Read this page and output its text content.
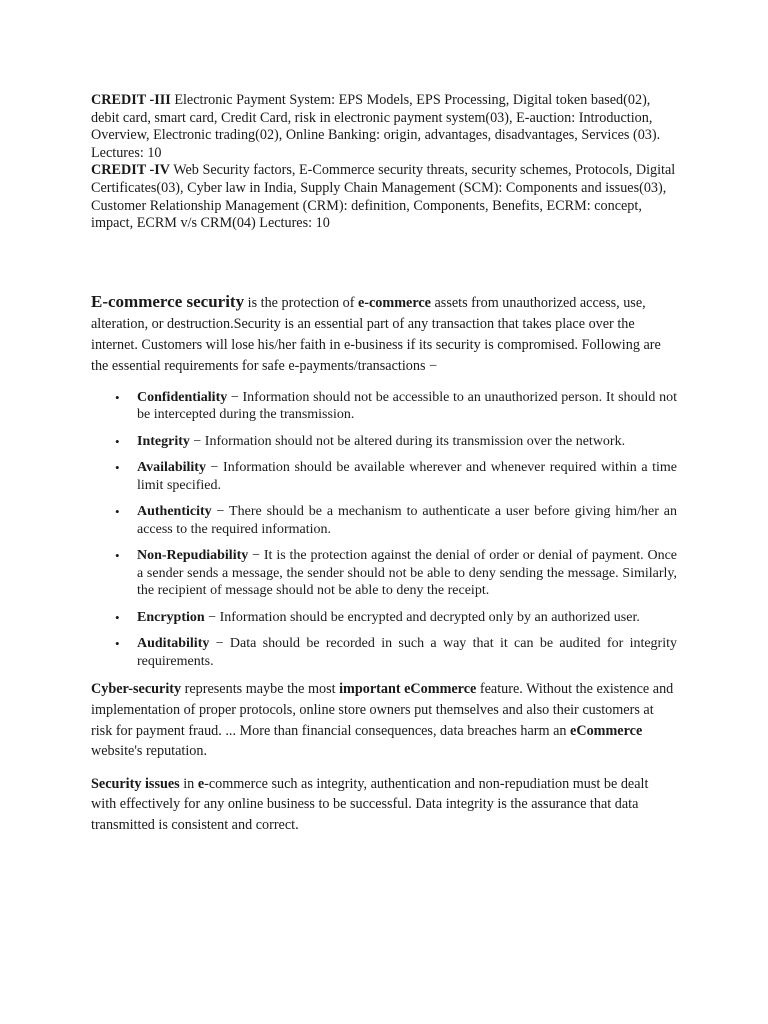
CREDIT -III Electronic Payment System: EPS Models, EPS Processing, Digital token based(02), debit card, smart card, Credit Card, risk in electronic payment system(03), E-auction: Introduction, Overview, Electronic trading(02), Online Banking: origin, advantages, disadvantages, Services (03). Lectures: 10

CREDIT -IV Web Security factors, E-Commerce security threats, security schemes, Protocols, Digital Certificates(03), Cyber law in India, Supply Chain Management (SCM): Components and issues(03), Customer Relationship Management (CRM): definition, Components, Benefits, ECRM: concept, impact, ECRM v/s CRM(04) Lectures: 10

E-commerce security is the protection of e-commerce assets from unauthorized access, use, alteration, or destruction.Security is an essential part of any transaction that takes place over the internet. Customers will lose his/her faith in e-business if its security is compromised. Following are the essential requirements for safe e-payments/transactions −
• Confidentiality − Information should not be accessible to an unauthorized person. It should not be intercepted during the transmission.
• Integrity − Information should not be altered during its transmission over the network.
• Availability − Information should be available wherever and whenever required within a time limit specified.
• Authenticity − There should be a mechanism to authenticate a user before giving him/her an access to the required information.
• Non-Repudiability − It is the protection against the denial of order or denial of payment. Once a sender sends a message, the sender should not be able to deny sending the message. Similarly, the recipient of message should not be able to deny the receipt.
• Encryption − Information should be encrypted and decrypted only by an authorized user.
• Auditability − Data should be recorded in such a way that it can be audited for integrity requirements.

Cyber-security represents maybe the most important eCommerce feature. Without the existence and implementation of proper protocols, online store owners put themselves and also their customers at risk for payment fraud. ... More than financial consequences, data breaches harm an eCommerce website's reputation.

Security issues in e-commerce such as integrity, authentication and non-repudiation must be dealt with effectively for any online business to be successful. Data integrity is the assurance that data transmitted is consistent and correct.
